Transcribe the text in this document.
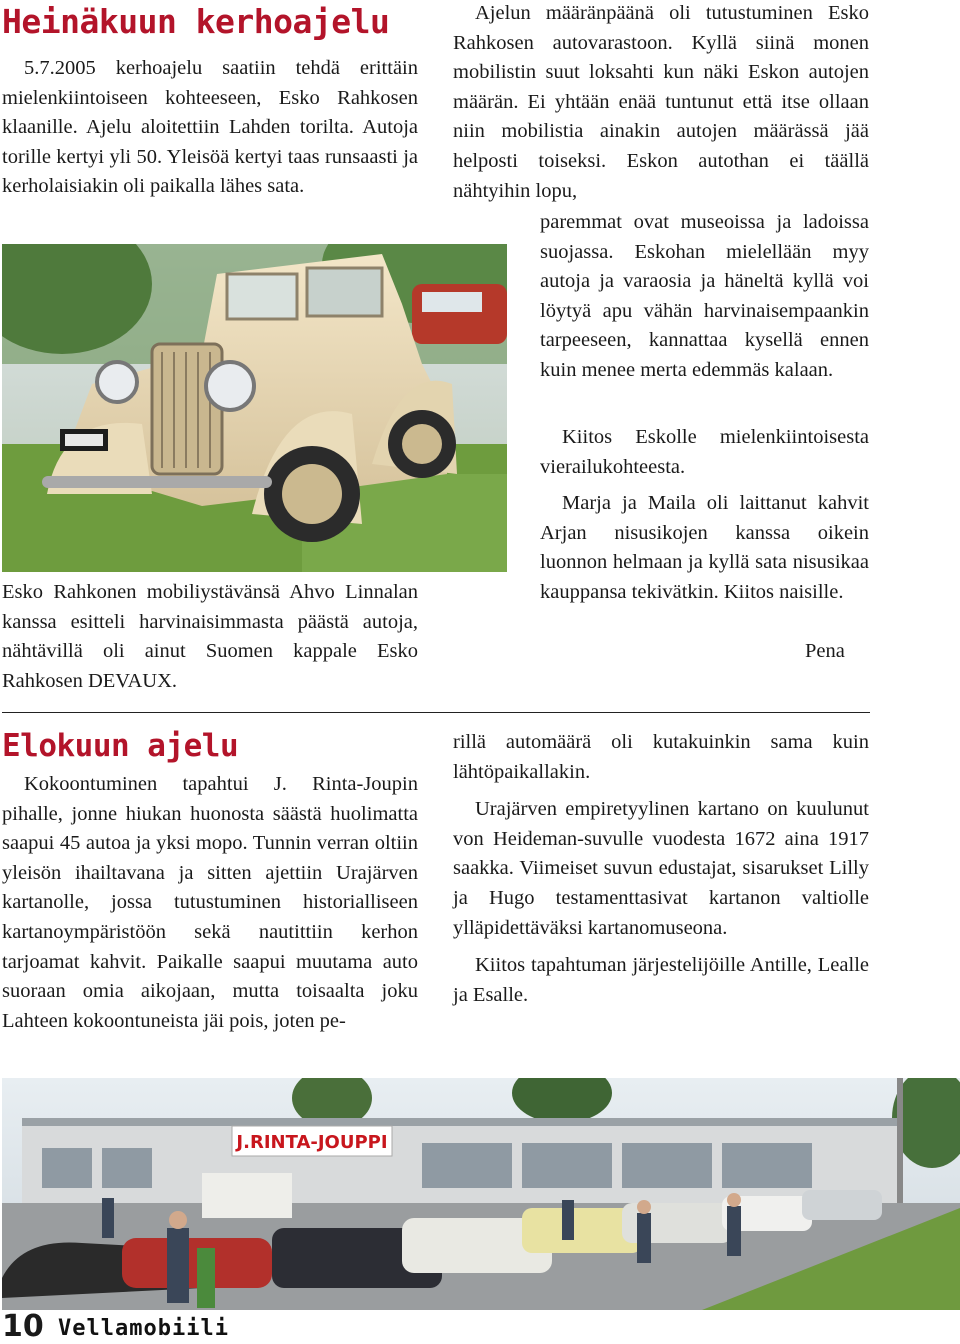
Heinäkuun kerhoajelu
5.7.2005 kerhoajelu saatiin tehdä erittäin mielenkiintoiseen kohteeseen, Esko Rahkosen klaanille. Ajelu aloitettiin Lahden torilta. Autoja torille kertyi yli 50. Yleisöä kertyi taas runsaasti ja kerholaisiakin oli paikalla lähes sata.
Esko Rahkonen mobiliystävänsä Ahvo Linnalan kanssa esitteli harvinaisimmasta päästä autoja, nähtävillä oli ainut Suomen kappale Esko Rahkosen DEVAUX.
Ajelun määränpäänä oli tutustuminen Esko Rahkosen autovarastoon. Kyllä siinä monen mobilistin suut loksahti kun näki Eskon autojen määrän. Ei yhtään enää tuntunut että itse ollaan niin mobilistia ainakin autojen määrässä jää helposti toiseksi. Eskon autothan ei täällä nähtyihin lopu,
paremmat ovat museoissa ja ladoissa suojassa. Eskohan mielellään myy autoja ja varaosia ja häneltä kyllä voi löytyä apu vähän harvinaisempaankin tarpeeseen, kannattaa kysellä ennen kuin menee merta edemmäs kalaan.
Kiitos Eskolle mielenkiintoisesta vierailukohteesta.
Marja ja Maila oli laittanut kahvit Arjan nisusikojen kanssa oikein luonnon helmaan ja kyllä sata nisusikaa kauppansa tekivätkin. Kiitos naisille.
Pena
Elokuun ajelu
Kokoontuminen tapahtui J. Rinta-Joupin pihalle, jonne hiukan huonosta säästä huolimatta saapui 45 autoa ja yksi mopo. Tunnin verran oltiin yleisön ihailtavana ja sitten ajettiin Urajärven kartanolle, jossa tutustuminen historialliseen kartanoympäristöön sekä nautittiin kerhon tarjoamat kahvit. Paikalle saapui muutama auto suoraan omia aikojaan, mutta toisaalta joku Lahteen kokoontuneista jäi pois, joten pe-

rillä automäärä oli kutakuinkin sama kuin lähtöpaikallakin.

Urajärven empiretyylinen kartano on kuulunut von Heideman-suvulle vuodesta 1672 aina 1917 saakka. Viimeiset suvun edustajat, sisarukset Lilly ja Hugo testamenttasivat kartanon valtiolle ylläpidettäväksi kartanomuseona.

Kiitos tapahtuman järjestelijöille Antille, Lealle ja Esalle.

J.RINTA-JOUPPI
10 Vellamobiili
